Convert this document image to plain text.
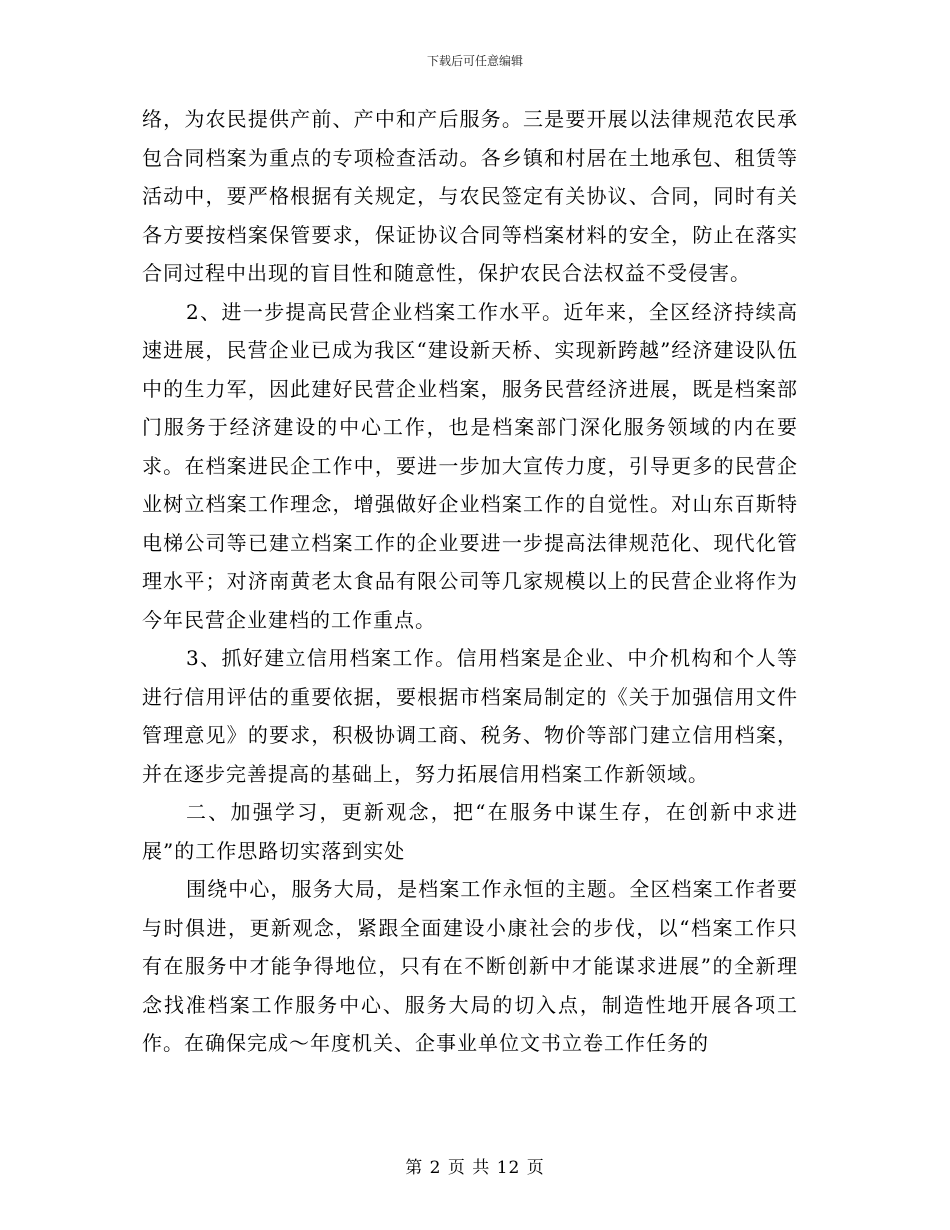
下载后可任意编辑

络，为农民提供产前、产中和产后服务。三是要开展以法律规范农民承包合同档案为重点的专项检查活动。各乡镇和村居在土地承包、租赁等活动中，要严格根据有关规定，与农民签定有关协议、合同，同时有关各方要按档案保管要求，保证协议合同等档案材料的安全，防止在落实合同过程中出现的盲目性和随意性，保护农民合法权益不受侵害。

2、进一步提高民营企业档案工作水平。近年来，全区经济持续高速进展，民营企业已成为我区“建设新天桥、实现新跨越”经济建设队伍中的生力军，因此建好民营企业档案，服务民营经济进展，既是档案部门服务于经济建设的中心工作，也是档案部门深化服务领域的内在要求。在档案进民企工作中，要进一步加大宣传力度，引导更多的民营企业树立档案工作理念，增强做好企业档案工作的自觉性。对山东百斯特电梯公司等已建立档案工作的企业要进一步提高法律规范化、现代化管理水平；对济南黄老太食品有限公司等几家规模以上的民营企业将作为今年民营企业建档的工作重点。

3、抓好建立信用档案工作。信用档案是企业、中介机构和个人等进行信用评估的重要依据，要根据市档案局制定的《关于加强信用文件管理意见》的要求，积极协调工商、税务、物价等部门建立信用档案，并在逐步完善提高的基础上，努力拓展信用档案工作新领域。

二、加强学习，更新观念，把“在服务中谋生存，在创新中求进展”的工作思路切实落到实处

围绕中心，服务大局，是档案工作永恒的主题。全区档案工作者要与时俱进，更新观念，紧跟全面建设小康社会的步伐，以“档案工作只有在服务中才能争得地位，只有在不断创新中才能谋求进展”的全新理念找准档案工作服务中心、服务大局的切入点，制造性地开展各项工作。在确保完成～年度机关、企事业单位文书立卷工作任务的

第 2 页 共 12 页
